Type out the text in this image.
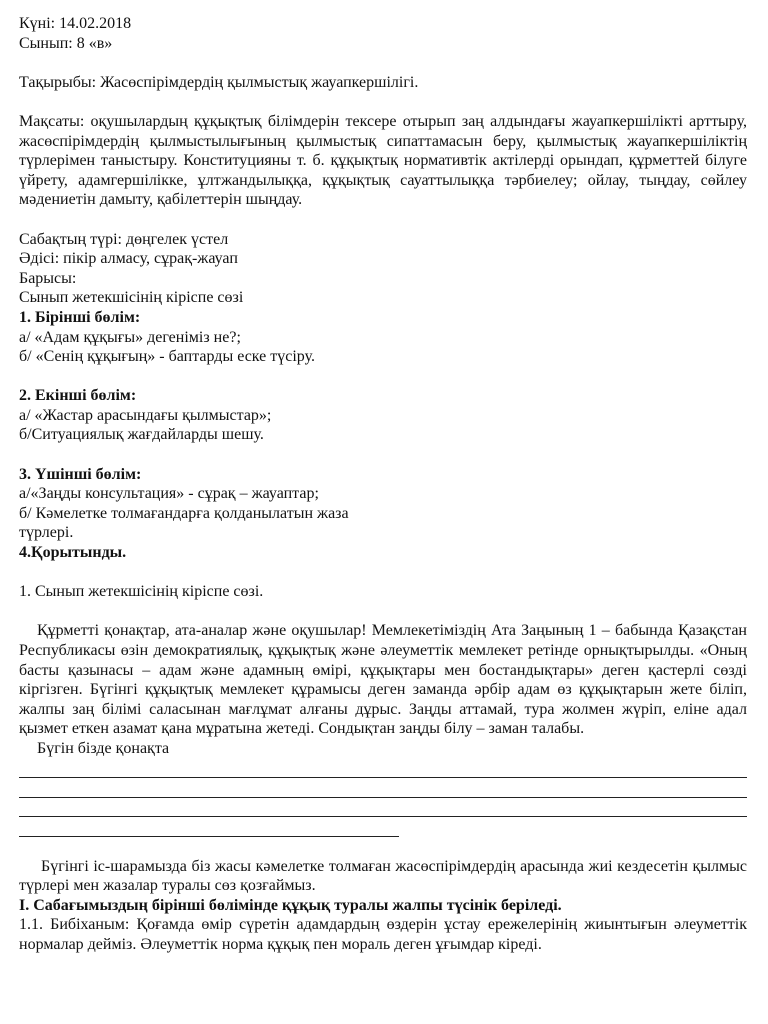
Күні: 14.02.2018
Сынып: 8 «в»
Тақырыбы: Жасөспірімдердің қылмыстық жауапкершілігі.
Мақсаты: оқушылардың құқықтық білімдерін тексере отырып заң алдындағы жауапкершілікті арттыру, жасөспірімдердің қылмыстылығының қылмыстық сипаттамасын беру, қылмыстық жауапкершіліктің түрлерімен таныстыру. Конституцияны т. б. құқықтық нормативтік актілерді орындап, құрметтей білуге үйрету, адамгершілікке, ұлтжандылыққа, құқықтық сауаттылыққа тәрбиелеу; ойлау, тыңдау, сөйлеу мәдениетін дамыту, қабілеттерін шыңдау.
Сабақтың түрі: дөңгелек үстел
Әдісі: пікір алмасу, сұрақ-жауап
Барысы:
Сынып жетекшісінің кіріспе сөзі
1. Бірінші бөлім:
а/ «Адам құқығы» дегеніміз не?;
б/ «Сенің құқығың» - баптарды еске түсіру.
2. Екінші бөлім:
а/ «Жастар арасындағы қылмыстар»;
б/Ситуациялық жағдайларды шешу.
3. Үшінші бөлім:
а/«Заңды консультация» - сұрақ – жауаптар;
б/ Кәмелетке толмағандарға қолданылатын жаза түрлері.
4.Қорытынды.
1. Сынып жетекшісінің кіріспе сөзі.
Құрметті қонақтар, ата-аналар және оқушылар! Мемлекетіміздің Ата Заңының 1 – бабында Қазақстан Республикасы өзін демократиялық, құқықтық және әлеуметтік мемлекет ретінде орнықтырылды. «Оның басты қазынасы – адам және адамның өмірі, құқықтары мен бостандықтары» деген қастерлі сөзді кіргізген. Бүгінгі құқықтық мемлекет құрамысы деген заманда әрбір адам өз құқықтарын жете біліп, жалпы заң білімі саласынан мағлұмат алғаны дұрыс. Заңды аттамай, тура жолмен жүріп, еліне адал қызмет еткен азамат қана мұратына жетеді. Сондықтан заңды білу – заман талабы.
Бүгін бізде қонақта
Бүгінгі іс-шарамызда біз жасы кәмелетке толмаған жасөспірімдердің арасында жиі кездесетін қылмыс түрлері мен жазалар туралы сөз қозғаймыз.
І. Сабағымыздың бірінші бөлімінде құқық туралы жалпы түсінік беріледі.
1.1. Бибіханым: Қоғамда өмір сүретін адамдардың өздерін ұстау ережелерінің жиынтығын әлеуметтік нормалар дейміз. Әлеуметтік норма құқық пен мораль деген ұғымдар кіреді.
